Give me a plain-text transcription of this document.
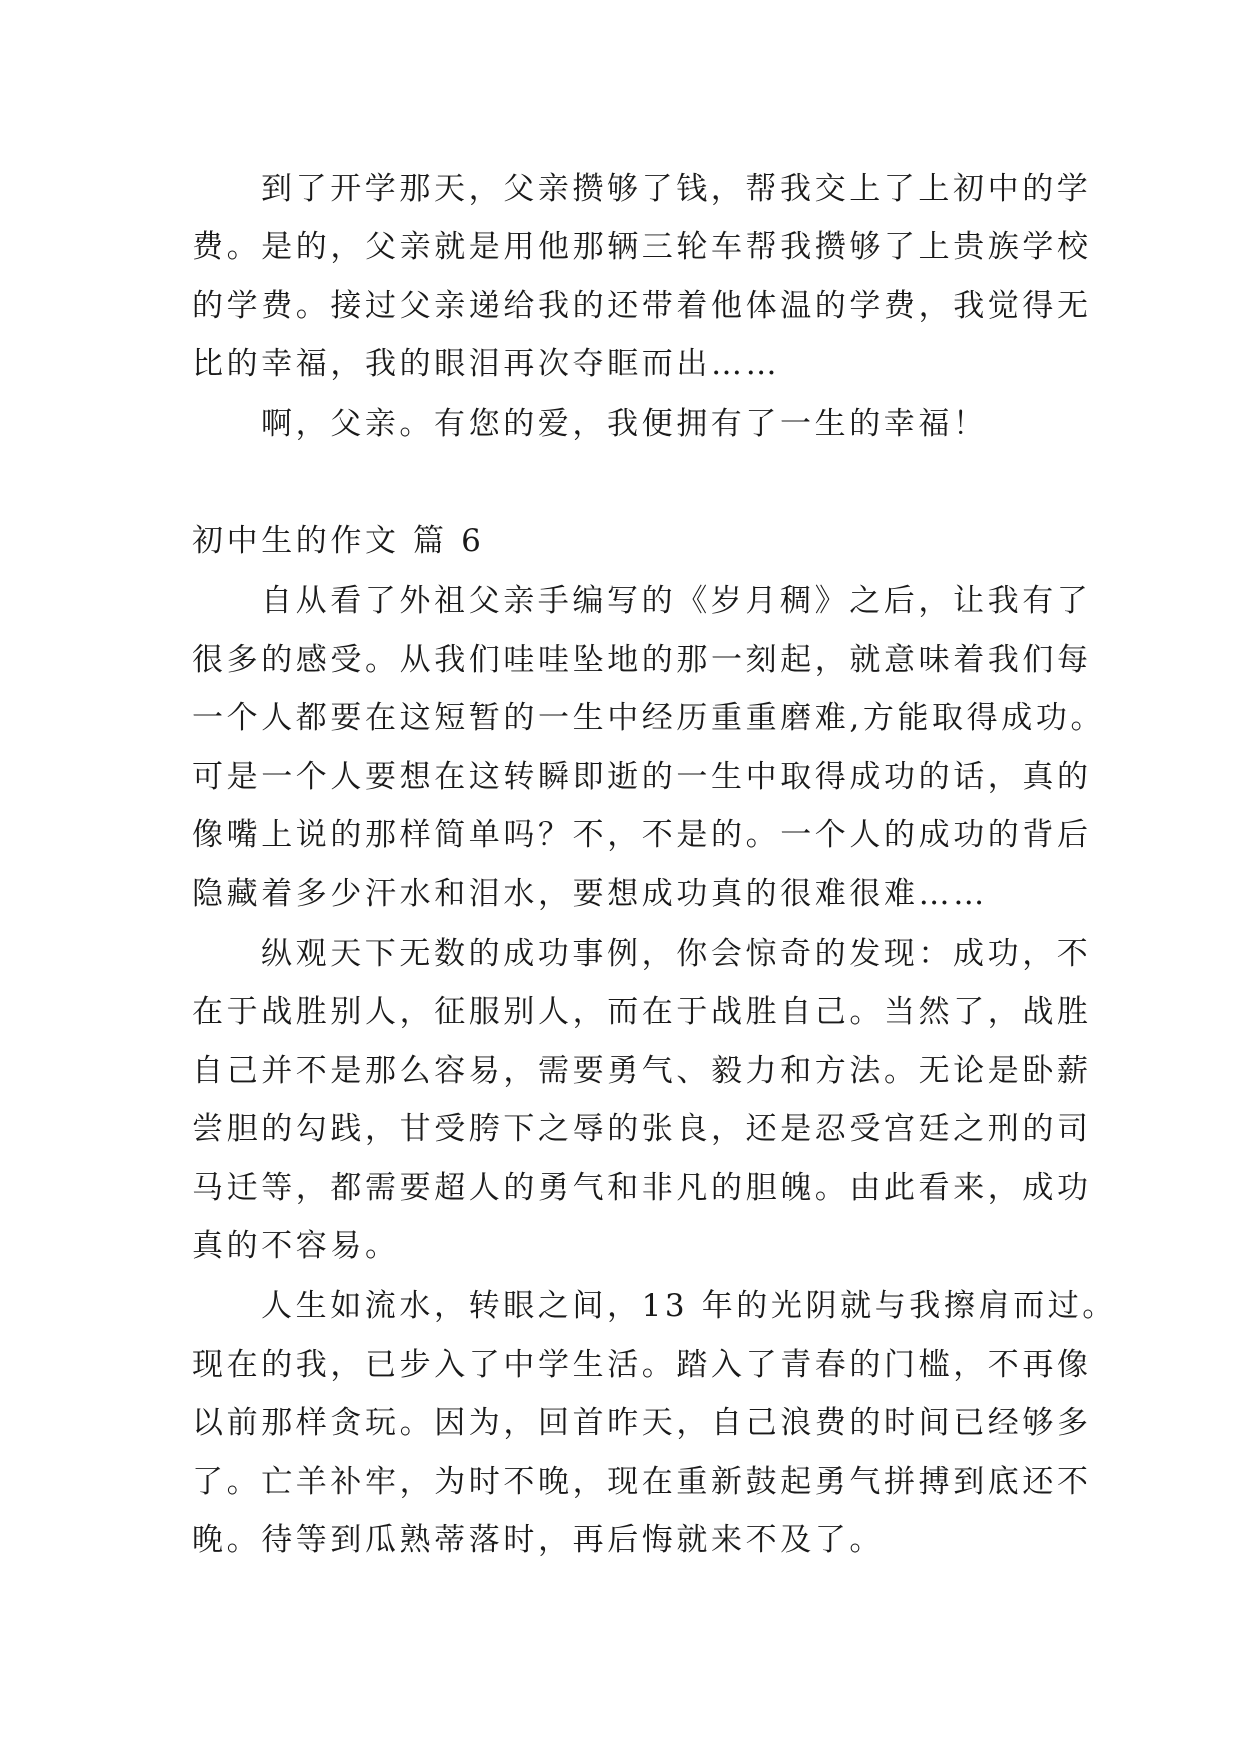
到了开学那天，父亲攒够了钱，帮我交上了上初中的学
费。是的，父亲就是用他那辆三轮车帮我攒够了上贵族学校
的学费。接过父亲递给我的还带着他体温的学费，我觉得无
比的幸福，我的眼泪再次夺眶而出……
啊，父亲。有您的爱，我便拥有了一生的幸福！
初中生的作文 篇 6
自从看了外祖父亲手编写的《岁月稠》之后，让我有了
很多的感受。从我们哇哇坠地的那一刻起，就意味着我们每
一个人都要在这短暂的一生中经历重重磨难,方能取得成功。
可是一个人要想在这转瞬即逝的一生中取得成功的话，真的
像嘴上说的那样简单吗？不，不是的。一个人的成功的背后
隐藏着多少汗水和泪水，要想成功真的很难很难……
纵观天下无数的成功事例，你会惊奇的发现：成功，不
在于战胜别人，征服别人，而在于战胜自己。当然了，战胜
自己并不是那么容易，需要勇气、毅力和方法。无论是卧薪
尝胆的勾践，甘受胯下之辱的张良，还是忍受宫廷之刑的司
马迁等，都需要超人的勇气和非凡的胆魄。由此看来，成功
真的不容易。
人生如流水，转眼之间，13 年的光阴就与我擦肩而过。
现在的我，已步入了中学生活。踏入了青春的门槛，不再像
以前那样贪玩。因为，回首昨天，自己浪费的时间已经够多
了。亡羊补牢，为时不晚，现在重新鼓起勇气拼搏到底还不
晚。待等到瓜熟蒂落时，再后悔就来不及了。
